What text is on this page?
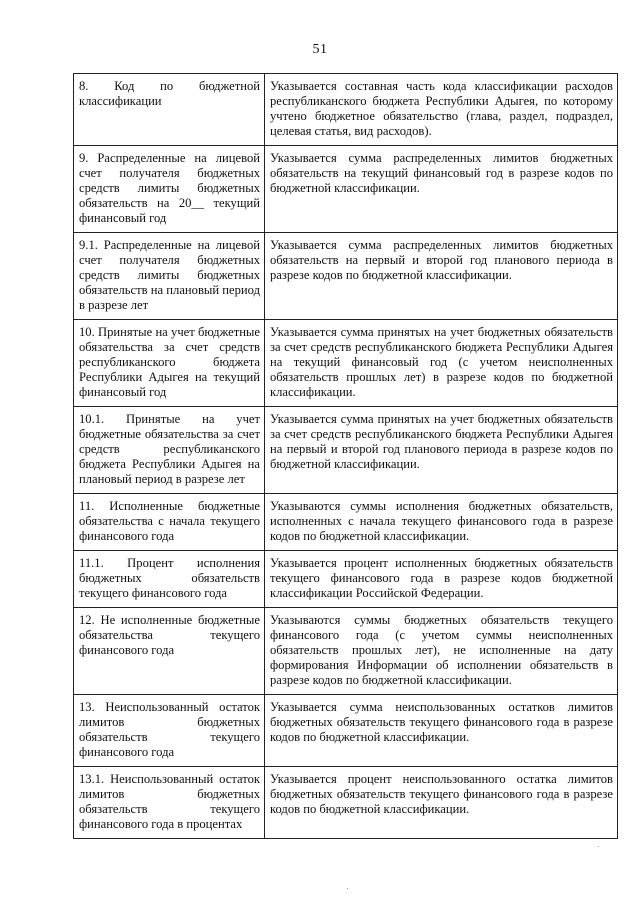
51
8. Код по бюджетной классификации	Указывается составная часть кода классификации расходов республиканского бюджета Республики Адыгея, по которому учтено бюджетное обязательство (глава, раздел, подраздел, целевая статья, вид расходов).
9. Распределенные на лицевой счет получателя бюджетных средств лимиты бюджетных обязательств на 20__ текущий финансовый год	Указывается сумма распределенных лимитов бюджетных обязательств на текущий финансовый год в разрезе кодов по бюджетной классификации.
9.1. Распределенные на лицевой счет получателя бюджетных средств лимиты бюджетных обязательств на плановый период в разрезе лет	Указывается сумма распределенных лимитов бюджетных обязательств на первый и второй год планового периода в разрезе кодов по бюджетной классификации.
10. Принятые на учет бюджетные обязательства за счет средств республиканского бюджета Республики Адыгея на текущий финансовый год	Указывается сумма принятых на учет бюджетных обязательств за счет средств республиканского бюджета Республики Адыгея на текущий финансовый год (с учетом неисполненных обязательств прошлых лет) в разрезе кодов по бюджетной классификации.
10.1. Принятые на учет бюджетные обязательства за счет средств республиканского бюджета Республики Адыгея на плановый период в разрезе лет	Указывается сумма принятых на учет бюджетных обязательств за счет средств республиканского бюджета Республики Адыгея на первый и второй год планового периода в разрезе кодов по бюджетной классификации.
11. Исполненные бюджетные обязательства с начала текущего финансового года	Указываются суммы исполнения бюджетных обязательств, исполненных с начала текущего финансового года в разрезе кодов по бюджетной классификации.
11.1. Процент исполнения бюджетных обязательств текущего финансового года	Указывается процент исполненных бюджетных обязательств текущего финансового года в разрезе кодов бюджетной классификации Российской Федерации.
12. Не исполненные бюджетные обязательства текущего финансового года	Указываются суммы бюджетных обязательств текущего финансового года (с учетом суммы неисполненных обязательств прошлых лет), не исполненные на дату формирования Информации об исполнении обязательств в разрезе кодов по бюджетной классификации.
13. Неиспользованный остаток лимитов бюджетных обязательств текущего финансового года	Указывается сумма неиспользованных остатков лимитов бюджетных обязательств текущего финансового года в разрезе кодов по бюджетной классификации.
13.1. Неиспользованный остаток лимитов бюджетных обязательств текущего финансового года в процентах	Указывается процент неиспользованного остатка лимитов бюджетных обязательств текущего финансового года в разрезе кодов по бюджетной классификации.
